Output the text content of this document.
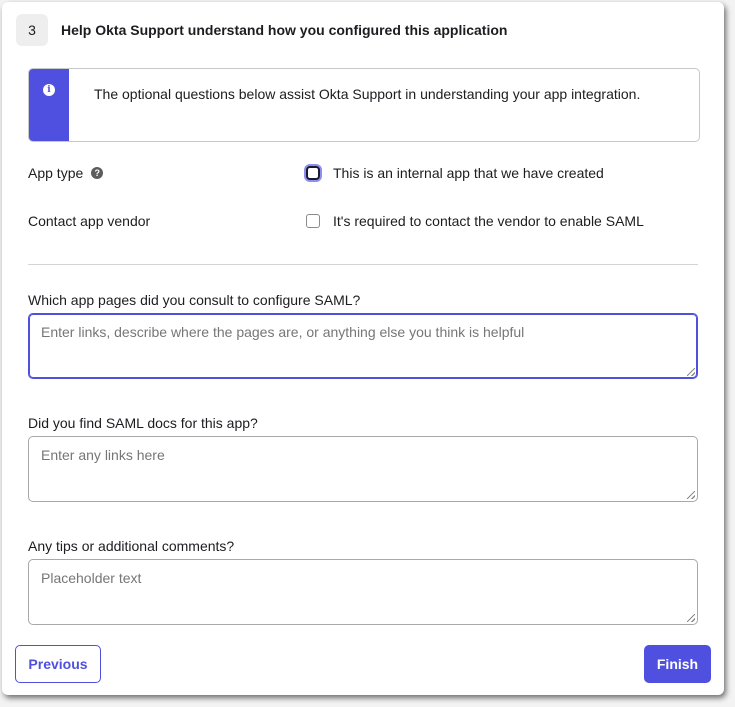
3	Help Okta Support understand how you configured this application
i	The optional questions below assist Okta Support in understanding your app integration.
App type	?	This is an internal app that we have created
Contact app vendor	It's required to contact the vendor to enable SAML
Which app pages did you consult to configure SAML?
Enter links, describe where the pages are, or anything else you think is helpful
Did you find SAML docs for this app?
Enter any links here
Any tips or additional comments?
Placeholder text
Previous	Finish
